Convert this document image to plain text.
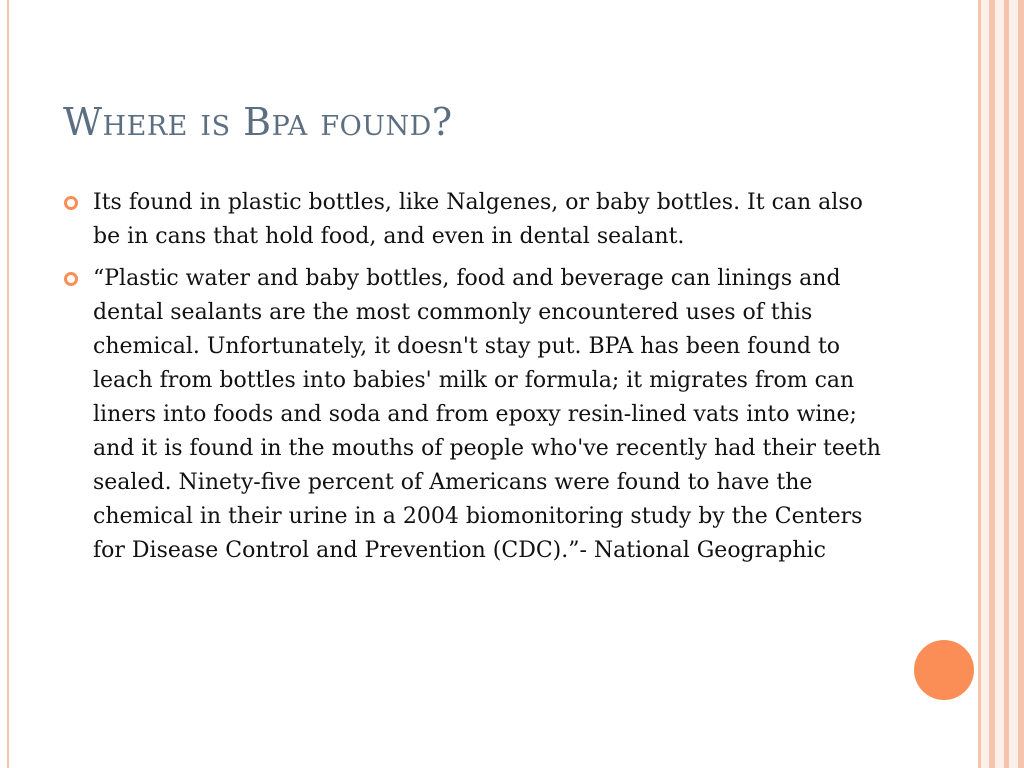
Where is Bpa found?
Its found in plastic bottles, like Nalgenes, or baby bottles. It can also be in cans that hold food, and even in dental sealant.
“Plastic water and baby bottles, food and beverage can linings and dental sealants are the most commonly encountered uses of this chemical. Unfortunately, it doesn't stay put. BPA has been found to leach from bottles into babies' milk or formula; it migrates from can liners into foods and soda and from epoxy resin-lined vats into wine; and it is found in the mouths of people who've recently had their teeth sealed. Ninety-five percent of Americans were found to have the chemical in their urine in a 2004 biomonitoring study by the Centers for Disease Control and Prevention (CDC).”- National Geographic
